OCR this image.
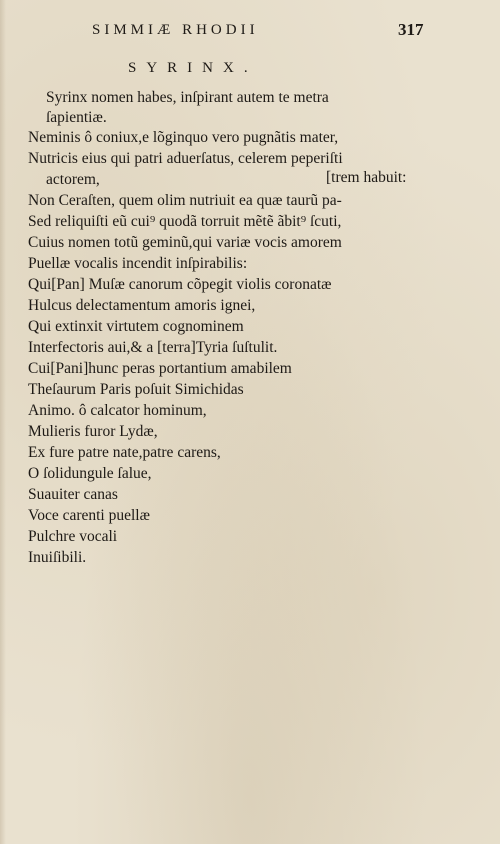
SIMMIÆ RHODII	317
SYRINX.
Syrinx nomen habes, inſpirant autem te metra
ſapientiæ.
Neminis ô coniux,e lõginquo vero pugnãtis mater,
Nutricis eius qui patri aduerſatus, celerem peperiſti
actorem,	[trem habuit:
Non Ceraſten, quem olim nutriuit ea quæ taurũ pa-
Sed reliquiſti eũ cui⁹ quodã torruit mẽtẽ ãbit⁹ ſcuti,
Cuius nomen totũ geminũ,qui variæ vocis amorem
Puellæ vocalis incendit inſpirabilis:
Qui[Pan] Muſæ canorum cõpegit violis coronatæ
Hulcus delectamentum amoris ignei,
Qui extinxit virtutem cognominem
Interfectoris aui,& a [terra]Tyria ſuſtulit.
Cui[Pani]hunc peras portantium amabilem
Theſaurum Paris poſuit Simichidas
Animo. ô calcator hominum,
Mulieris furor Lydæ,
Ex fure patre nate,patre carens,
O ſolidungule ſalue,
Suauiter canas
Voce carenti puellæ
Pulchre vocali
Inuiſibili.
